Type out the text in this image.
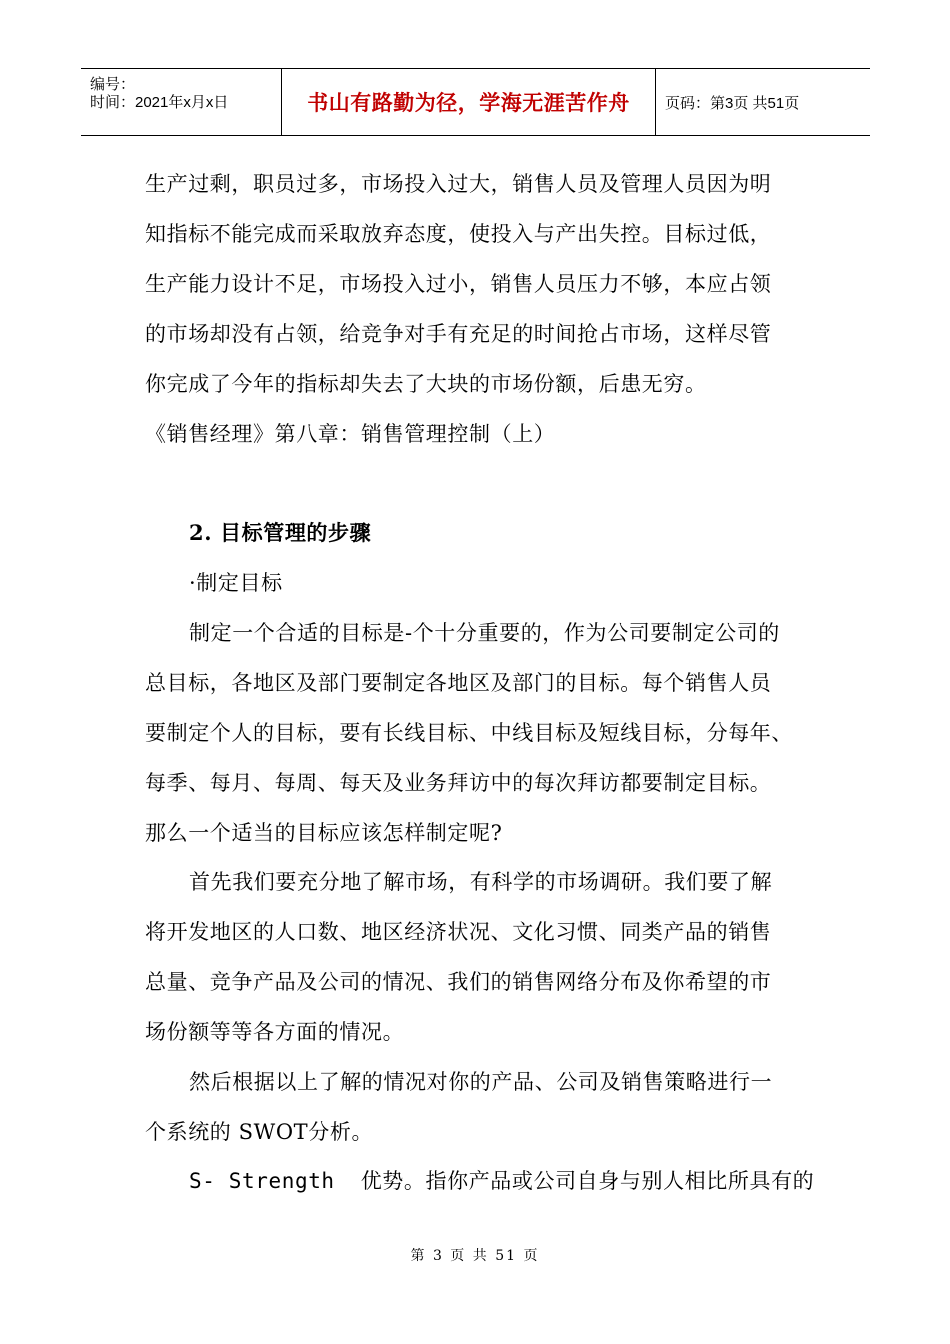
编号：
时间：2021年x月x日	书山有路勤为径，学海无涯苦作舟 页码：第3页 共51页
生产过剩，职员过多，市场投入过大，销售人员及管理人员因为明
知指标不能完成而采取放弃态度，使投入与产出失控。目标过低，
生产能力设计不足，市场投入过小，销售人员压力不够，本应占领
的市场却没有占领，给竞争对手有充足的时间抢占市场，这样尽管
你完成了今年的指标却失去了大块的市场份额，后患无穷。
《销售经理》第八章：销售管理控制（上）
2. 目标管理的步骤
·制定目标
制定一个合适的目标是-个十分重要的，作为公司要制定公司的
总目标，各地区及部门要制定各地区及部门的目标。每个销售人员
要制定个人的目标，要有长线目标、中线目标及短线目标，分每年、
每季、每月、每周、每天及业务拜访中的每次拜访都要制定目标。
那么一个适当的目标应该怎样制定呢?
首先我们要充分地了解市场，有科学的市场调研。我们要了解
将开发地区的人口数、地区经济状况、文化习惯、同类产品的销售
总量、竞争产品及公司的情况、我们的销售网络分布及你希望的市
场份额等等各方面的情况。
然后根据以上了解的情况对你的产品、公司及销售策略进行一
个系统的 SWOT分析。
S- Strength 优势。指你产品或公司自身与别人相比所具有的
第 3 页 共 51 页
